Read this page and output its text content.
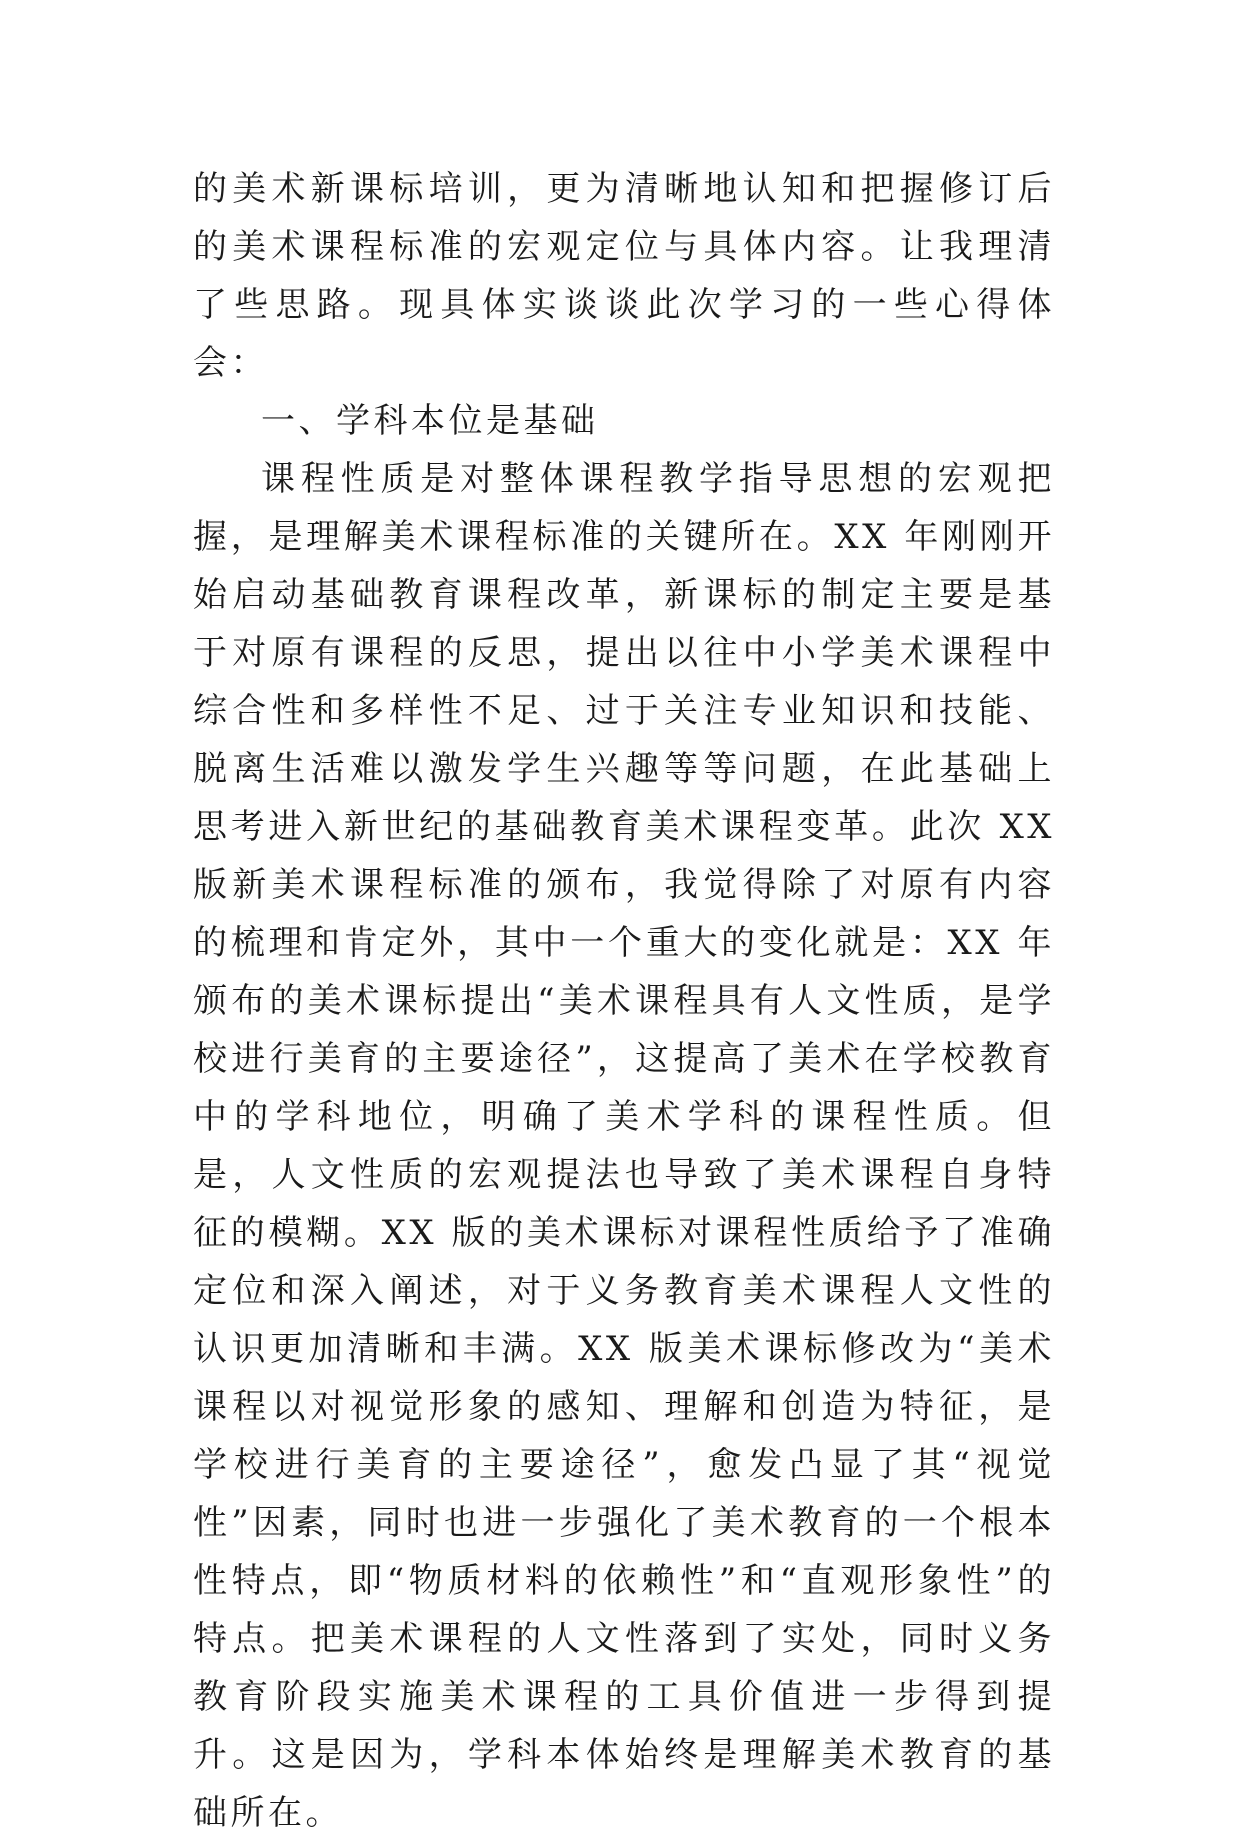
的美术新课标培训，更为清晰地认知和把握修订后的美术课程标准的宏观定位与具体内容。让我理清了些思路。现具体实谈谈此次学习的一些心得体会：

一、学科本位是基础

课程性质是对整体课程教学指导思想的宏观把握，是理解美术课程标准的关键所在。XX 年刚刚开始启动基础教育课程改革，新课标的制定主要是基于对原有课程的反思，提出以往中小学美术课程中综合性和多样性不足、过于关注专业知识和技能、脱离生活难以激发学生兴趣等等问题，在此基础上思考进入新世纪的基础教育美术课程变革。此次 XX 版新美术课程标准的颁布，我觉得除了对原有内容的梳理和肯定外，其中一个重大的变化就是：XX 年颁布的美术课标提出“美术课程具有人文性质，是学校进行美育的主要途径”，这提高了美术在学校教育中的学科地位，明确了美术学科的课程性质。但是，人文性质的宏观提法也导致了美术课程自身特征的模糊。XX 版的美术课标对课程性质给予了准确定位和深入阐述，对于义务教育美术课程人文性的认识更加清晰和丰满。XX 版美术课标修改为“美术课程以对视觉形象的感知、理解和创造为特征，是学校进行美育的主要途径”，愈发凸显了其“视觉性”因素，同时也进一步强化了美术教育的一个根本性特点，即“物质材料的依赖性”和“直观形象性”的特点。把美术课程的人文性落到了实处，同时义务教育阶段实施美术课程的工具价值进一步得到提升。这是因为，学科本体始终是理解美术教育的基础所在。
